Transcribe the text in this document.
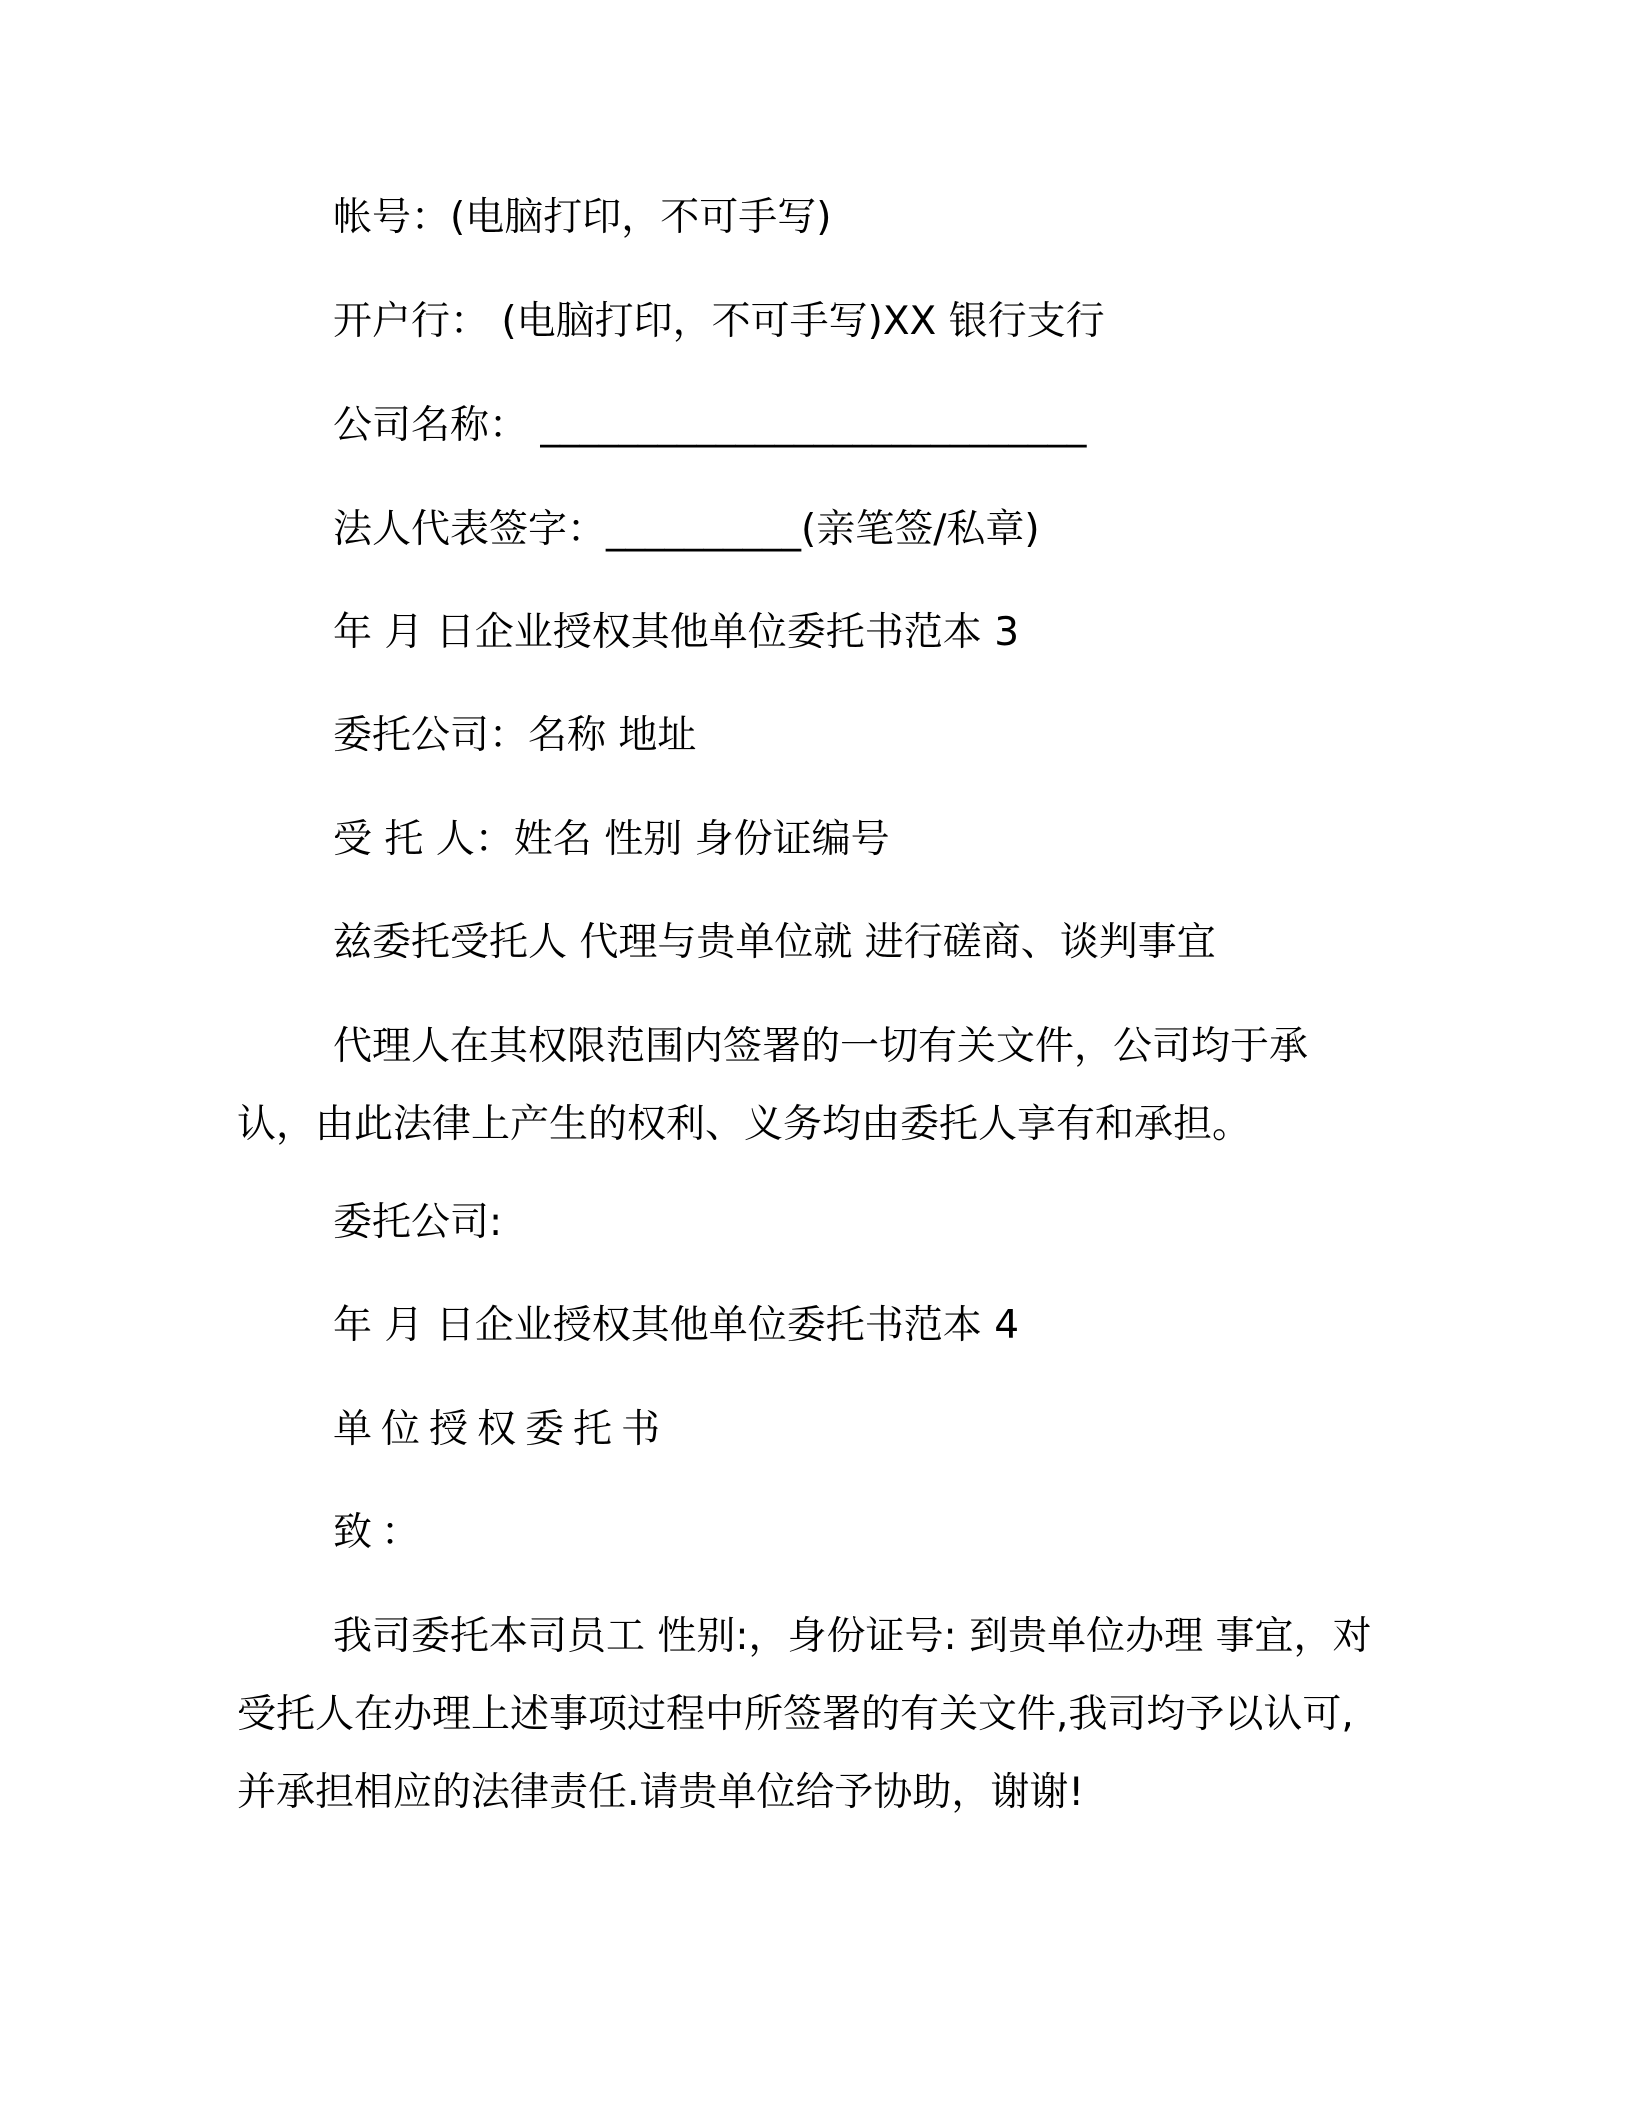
帐号：(电脑打印，不可手写)
开户行： (电脑打印，不可手写)XX 银行支行
公司名称： ____________________________
法人代表签字：__________(亲笔签/私章)
年 月 日企业授权其他单位委托书范本 3
委托公司：名称 地址
受 托 人：姓名 性别 身份证编号
兹委托受托人 代理与贵单位就 进行磋商、谈判事宜
代理人在其权限范围内签署的一切有关文件，公司均于承认，由此法律上产生的权利、义务均由委托人享有和承担。
委托公司:
年 月 日企业授权其他单位委托书范本 4
单位授权委托书
致：
我司委托本司员工 性别:，身份证号: 到贵单位办理 事宜，对受托人在办理上述事项过程中所签署的有关文件,我司均予以认可,并承担相应的法律责任.请贵单位给予协助，谢谢!
